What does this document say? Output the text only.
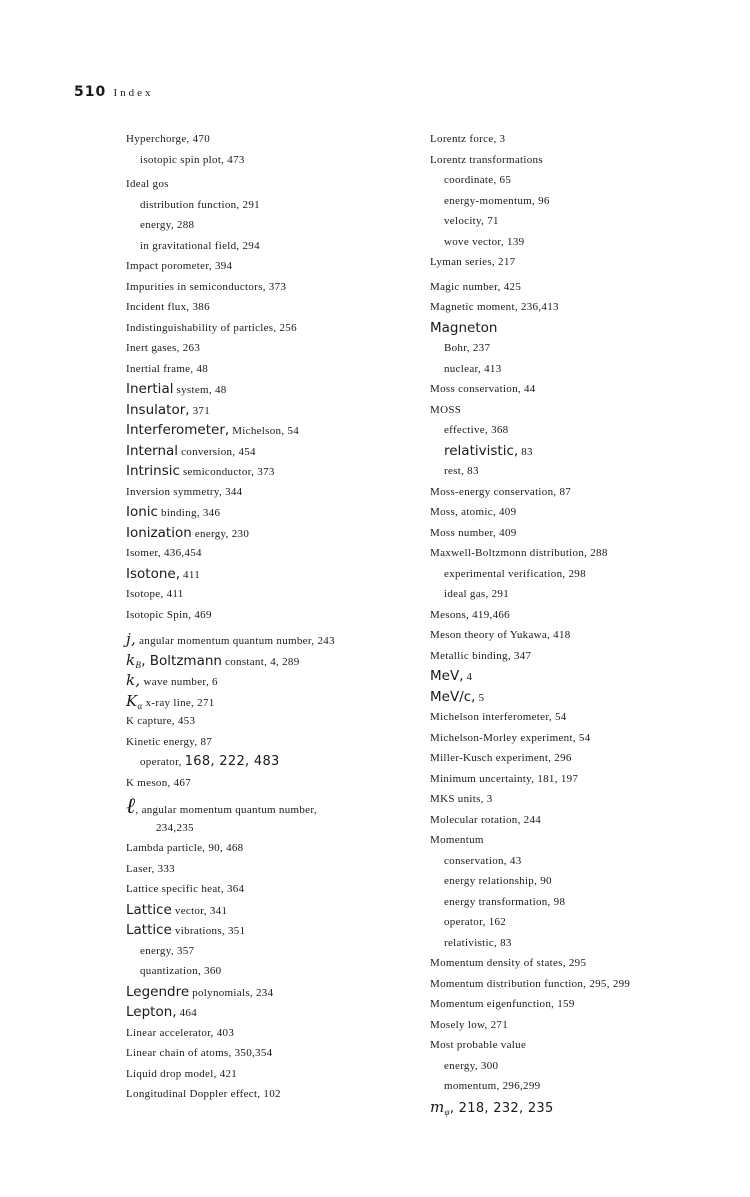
510 Index
Hyperchorge, 470
isotopic spin plot, 473
Ideal gos
distribution function, 291
energy, 288
in gravitational field, 294
Impact porometer, 394
Impurities in semiconductors, 373
Incident flux, 386
Indistinguishability of particles, 256
Inert gases, 263
Inertial frame, 48
Inertial system, 48
Insulator, 371
Interferometer, Michelson, 54
Internal conversion, 454
Intrinsic semiconductor, 373
Inversion symmetry, 344
Ionic binding, 346
Ionization energy, 230
Isomer, 436,454
Isotone, 411
Isotope, 411
Isotopic Spin, 469
j, angular momentum quantum number, 243
$k_B$, Boltzmann constant, 4, 289
k, wave number, 6
$K_\alpha$ x-ray line, 271
K capture, 453
Kinetic energy, 87
operator, 168, 222, 483
K meson, 467
ℓ, angular momentum quantum number,
234,235
Lambda particle, 90, 468
Laser, 333
Lattice specific heat, 364
Lattice vector, 341
Lattice vibrations, 351
energy, 357
quantization, 360
Legendre polynomials, 234
Lepton, 464
Linear accelerator, 403
Linear chain of atoms, 350,354
Liquid drop model, 421
Longitudinal Doppler effect, 102
Lorentz force, 3
Lorentz transformations
coordinate, 65
energy-momentum, 96
velocity, 71
wove vector, 139
Lyman series, 217
Magic number, 425
Magnetic moment, 236,413
Magneton
Bohr, 237
nuclear, 413
Moss conservation, 44
MOSS
effective, 368
relativistic, 83
rest, 83
Moss-energy conservation, 87
Moss, atomic, 409
Moss number, 409
Maxwell-Boltzmonn distribution, 288
experimental verification, 298
ideal gas, 291
Mesons, 419,466
Meson theory of Yukawa, 418
Metallic binding, 347
MeV, 4
MeV/c, 5
Michelson interferometer, 54
Michelson-Morley experiment, 54
Miller-Kusch experiment, 296
Minimum uncertainty, 181, 197
MKS units, 3
Molecular rotation, 244
Momentum
conservation, 43
energy relationship, 90
energy transformation, 98
operator, 162
relativistic, 83
Momentum density of states, 295
Momentum distribution function, 295, 299
Momentum eigenfunction, 159
Mosely low, 271
Most probable value
energy, 300
momentum, 296,299
$m_\varphi$, 218, 232, 235
